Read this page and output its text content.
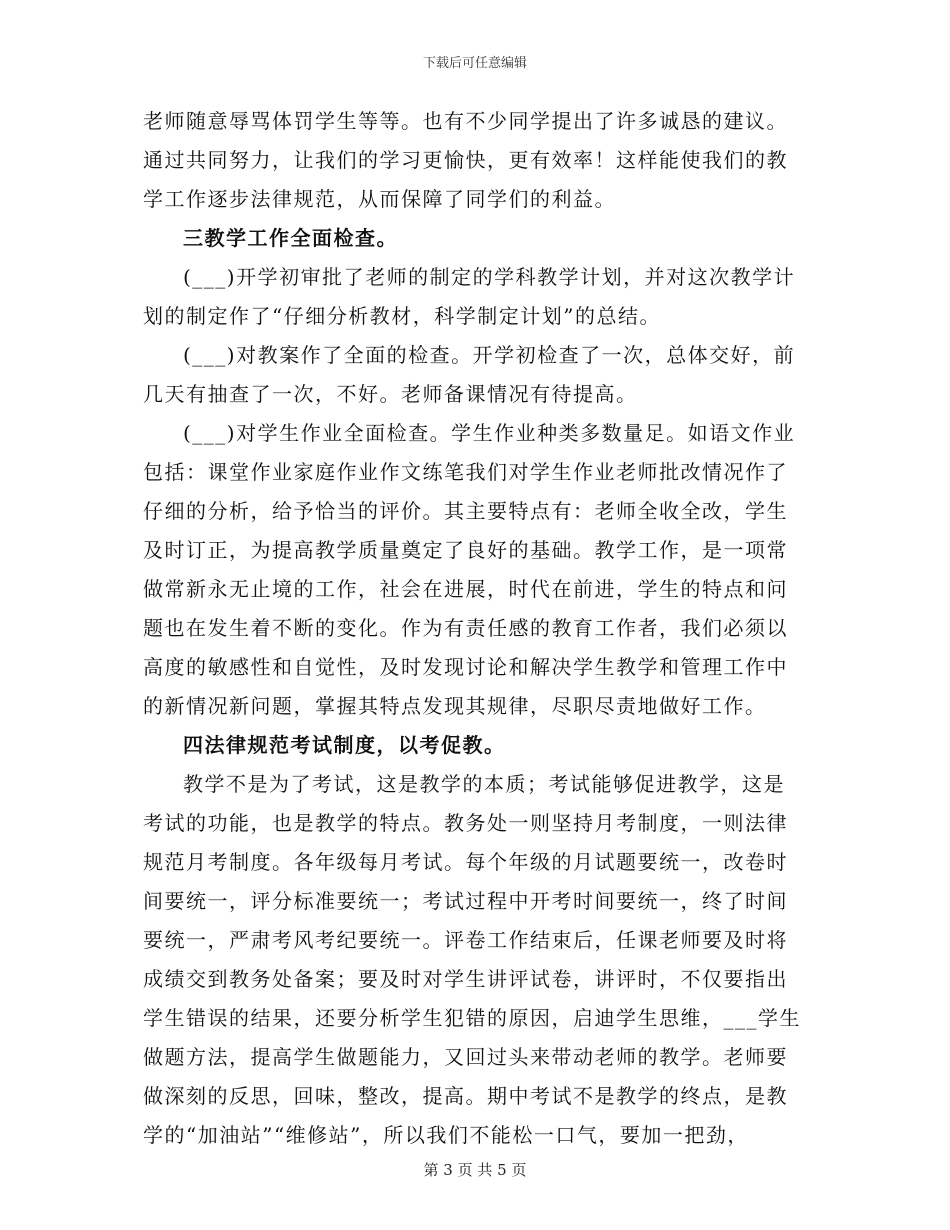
下载后可任意编辑
老师随意辱骂体罚学生等等。也有不少同学提出了许多诚恳的建议。
通过共同努力，让我们的学习更愉快，更有效率！这样能使我们的教
学工作逐步法律规范，从而保障了同学们的利益。
三教学工作全面检查。
(___)开学初审批了老师的制定的学科教学计划，并对这次教学计
划的制定作了“仔细分析教材，科学制定计划”的总结。
(___)对教案作了全面的检查。开学初检查了一次，总体交好，前
几天有抽查了一次，不好。老师备课情况有待提高。
(___)对学生作业全面检查。学生作业种类多数量足。如语文作业
包括：课堂作业家庭作业作文练笔我们对学生作业老师批改情况作了
仔细的分析，给予恰当的评价。其主要特点有：老师全收全改，学生
及时订正，为提高教学质量奠定了良好的基础。教学工作，是一项常
做常新永无止境的工作，社会在进展，时代在前进，学生的特点和问
题也在发生着不断的变化。作为有责任感的教育工作者，我们必须以
高度的敏感性和自觉性，及时发现讨论和解决学生教学和管理工作中
的新情况新问题，掌握其特点发现其规律，尽职尽责地做好工作。
四法律规范考试制度，以考促教。
教学不是为了考试，这是教学的本质；考试能够促进教学，这是
考试的功能，也是教学的特点。教务处一则坚持月考制度，一则法律
规范月考制度。各年级每月考试。每个年级的月试题要统一，改卷时
间要统一，评分标准要统一；考试过程中开考时间要统一，终了时间
要统一，严肃考风考纪要统一。评卷工作结束后，任课老师要及时将
成绩交到教务处备案；要及时对学生讲评试卷，讲评时，不仅要指出
学生错误的结果，还要分析学生犯错的原因，启迪学生思维，___学生
做题方法，提高学生做题能力，又回过头来带动老师的教学。老师要
做深刻的反思，回味，整改，提高。期中考试不是教学的终点，是教
学的“加油站”“维修站”，所以我们不能松一口气，要加一把劲，
第 3 页 共 5 页
